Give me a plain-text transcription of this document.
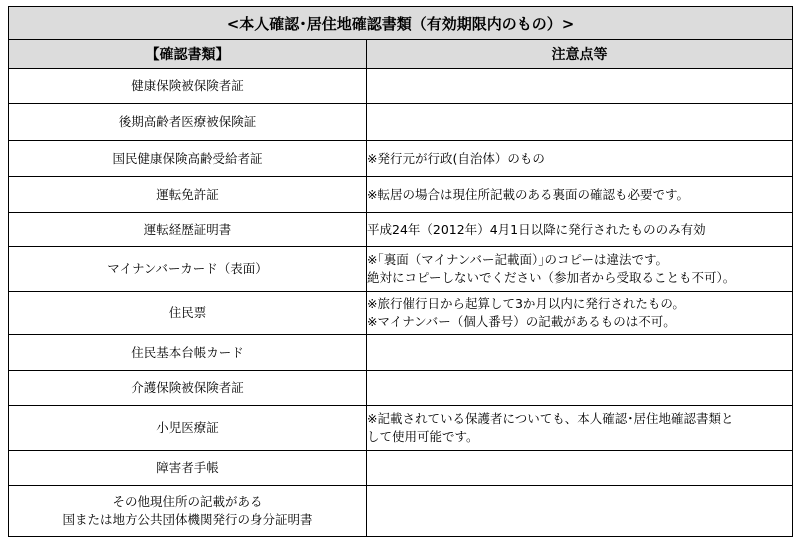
<本人確認･居住地確認書類（有効期限内のもの）>	
【確認書類】	注意点等

健康保険被保険者証	

後期高齢者医療被保険証	

国民健康保険高齢受給者証	※発行元が行政(自治体）のもの

運転免許証	※転居の場合は現住所記載のある裏面の確認も必要です。

運転経歴証明書	平成24年（2012年）4月1日以降に発行されたもののみ有効

マイナンバーカード（表面）	※｢裏面（マイナンバー記載面）｣のコピーは違法です。
絶対にコピーしないでください（参加者から受取ることも不可）。

住民票	※旅行催行日から起算して3か月以内に発行されたもの。
※マイナンバー（個人番号）の記載があるものは不可。

住民基本台帳カード	

介護保険被保険者証	

小児医療証	※記載されている保護者についても、本人確認･居住地確認書類と
して使用可能です。

障害者手帳	

その他現住所の記載がある
国または地方公共団体機関発行の身分証明書	
